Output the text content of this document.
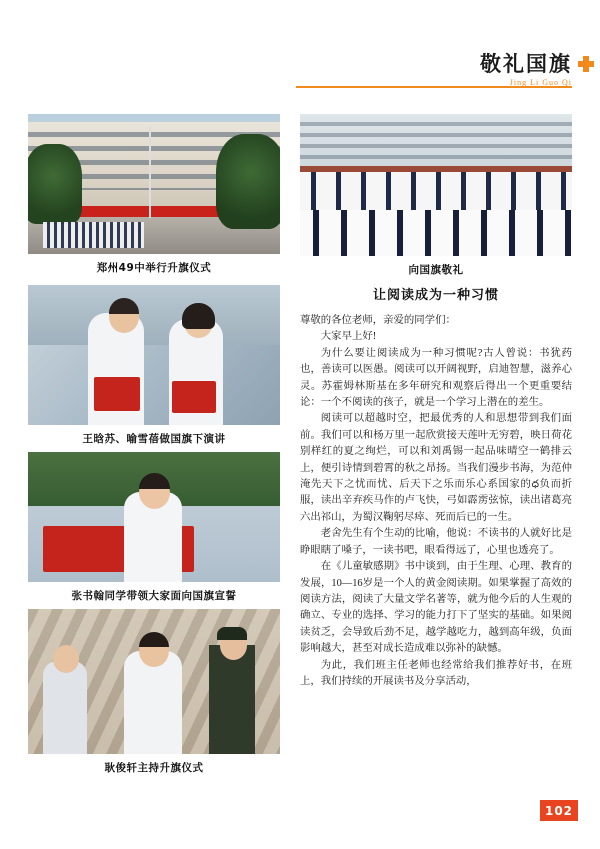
敬礼国旗
Jing Li Guo Qi
郑州49中举行升旗仪式	向国旗敬礼
王晗苏、喻雪蓓做国旗下演讲
张书翰同学带领大家面向国旗宣誓
耿俊轩主持升旗仪式
让阅读成为一种习惯

尊敬的各位老师，亲爱的同学们：

大家早上好!

为什么要让阅读成为一种习惯呢?古人曾说：书犹药也，善读可以医愚。阅读可以开阔视野，启迪智慧，滋养心灵。苏霍姆林斯基在多年研究和观察后得出一个更重要结论：一个不阅读的孩子，就是一个学习上潜在的差生。

阅读可以超越时空，把最优秀的人和思想带到我们面前。我们可以和杨万里一起欣赏接天莲叶无穷碧，映日荷花别样红的夏之绚烂，可以和刘禹锡一起品味晴空一鹤排云上，便引诗情到碧霄的秋之昂扬。当我们漫步书海，为范仲淹先天下之忧而忧、后天下之乐而乐心系国家的ధ负而折服，读出辛弃疾马作的卢飞快，弓如霹雳弦惊，读出诸葛亮六出祁山，为蜀汉鞠躬尽瘁、死而后已的一生。

老舍先生有个生动的比喻，他说：不读书的人就好比是睁眼瞎了嗓子，一读书吧，眼看得远了，心里也透亮了。

在《儿童敏感期》书中谈到，由于生理、心理、教育的发展，10—16岁是一个人的黄金阅读期。如果掌握了高效的阅读方法，阅读了大量文学名著等，就为他今后的人生观的确立、专业的选择、学习的能力打下了坚实的基础。如果阅读贫乏，会导致后劲不足，越学越吃力，越到高年级，负面影响越大，甚至对成长造成难以弥补的缺憾。

为此，我们班主任老师也经常给我们推荐好书，在班上，我们持续的开展读书及分享活动，

102
